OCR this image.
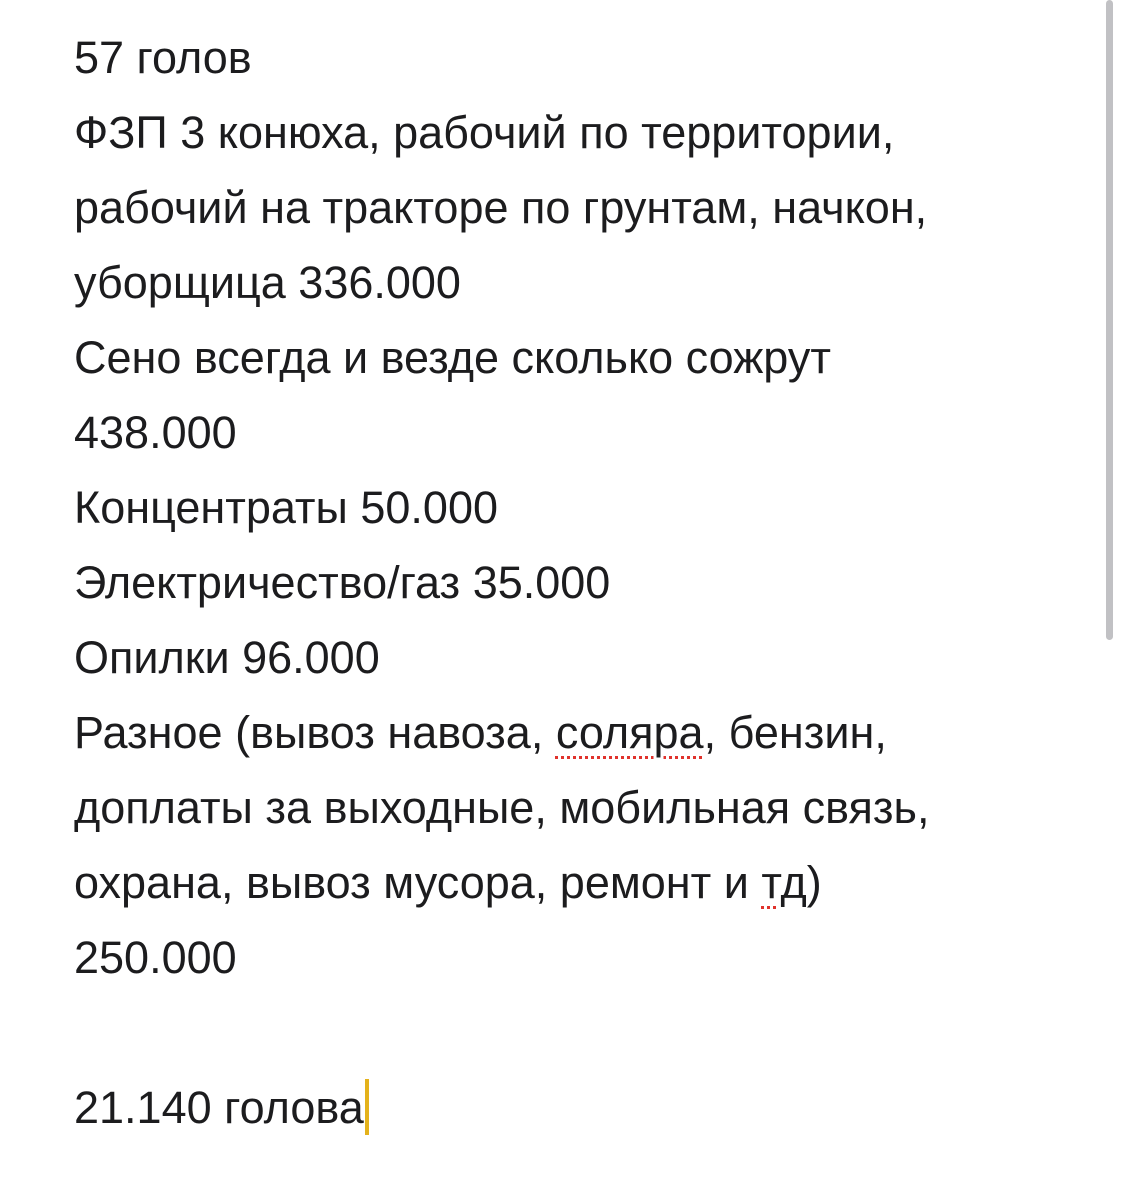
57 голов
ФЗП 3 конюха, рабочий по территории,
рабочий на тракторе по грунтам, начкон,
уборщица 336.000
Сено всегда и везде сколько сожрут
438.000
Концентраты 50.000
Электричество/газ 35.000
Опилки 96.000
Разное (вывоз навоза, соляра, бензин,
доплаты за выходные, мобильная связь,
охрана, вывоз мусора, ремонт и тд)
250.000
21.140 голова
